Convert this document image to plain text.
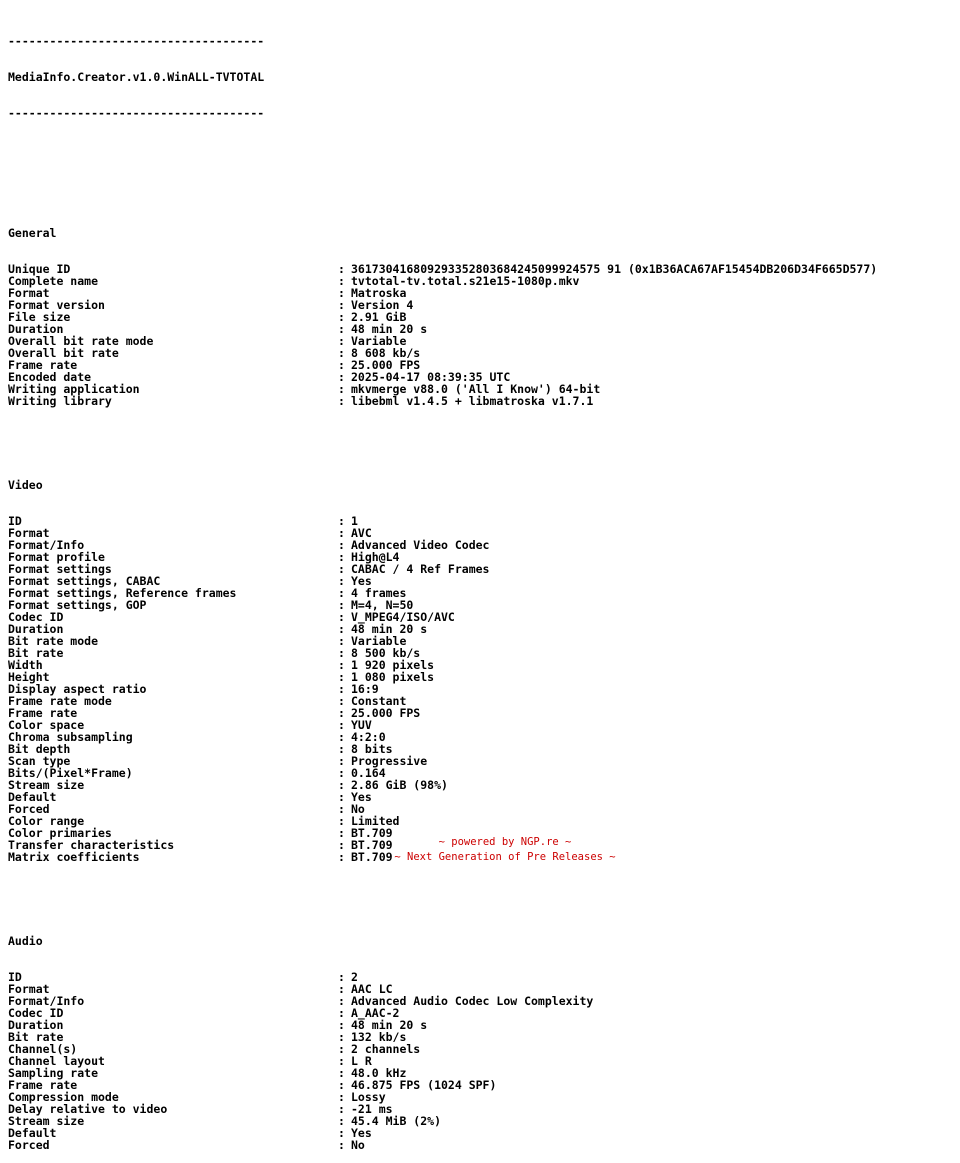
-------------------------------------

MediaInfo.Creator.v1.0.WinALL-TVTOTAL

-------------------------------------

General

Unique ID	: 361730416809293352803684245099924575 91 (0x1B36ACA67AF15454DB206D34F665D577)
Complete name	: tvtotal-tv.total.s21e15-1080p.mkv
Format	: Matroska
Format version	: Version 4
File size	: 2.91 GiB
Duration	: 48 min 20 s
Overall bit rate mode	: Variable
Overall bit rate	: 8 608 kb/s
Frame rate	: 25.000 FPS
Encoded date	: 2025-04-17 08:39:35 UTC
Writing application	: mkvmerge v88.0 ('All I Know') 64-bit
Writing library	: libebml v1.4.5 + libmatroska v1.7.1

Video

ID	: 1
Format	: AVC
Format/Info	: Advanced Video Codec
Format profile	: High@L4
Format settings	: CABAC / 4 Ref Frames
Format settings, CABAC	: Yes
Format settings, Reference frames	: 4 frames
Format settings, GOP	: M=4, N=50
Codec ID	: V_MPEG4/ISO/AVC
Duration	: 48 min 20 s
Bit rate mode	: Variable
Bit rate	: 8 500 kb/s
Width	: 1 920 pixels
Height	: 1 080 pixels
Display aspect ratio	: 16:9
Frame rate mode	: Constant
Frame rate	: 25.000 FPS
Color space	: YUV
Chroma subsampling	: 4:2:0
Bit depth	: 8 bits
Scan type	: Progressive
Bits/(Pixel*Frame)	: 0.164
Stream size	: 2.86 GiB (98%)
Default	: Yes
Forced	: No
Color range	: Limited
Color primaries	: BT.709
Transfer characteristics	: BT.709
Matrix coefficients	: BT.709

Audio

ID	: 2
Format	: AAC LC
Format/Info	: Advanced Audio Codec Low Complexity
Codec ID	: A_AAC-2
Duration	: 48 min 20 s
Bit rate	: 132 kb/s
Channel(s)	: 2 channels
Channel layout	: L R
Sampling rate	: 48.0 kHz
Frame rate	: 46.875 FPS (1024 SPF)
Compression mode	: Lossy
Delay relative to video	: -21 ms
Stream size	: 45.4 MiB (2%)
Default	: Yes
Forced	: No

~ powered by NGP.re ~
~ Next Generation of Pre Releases ~
